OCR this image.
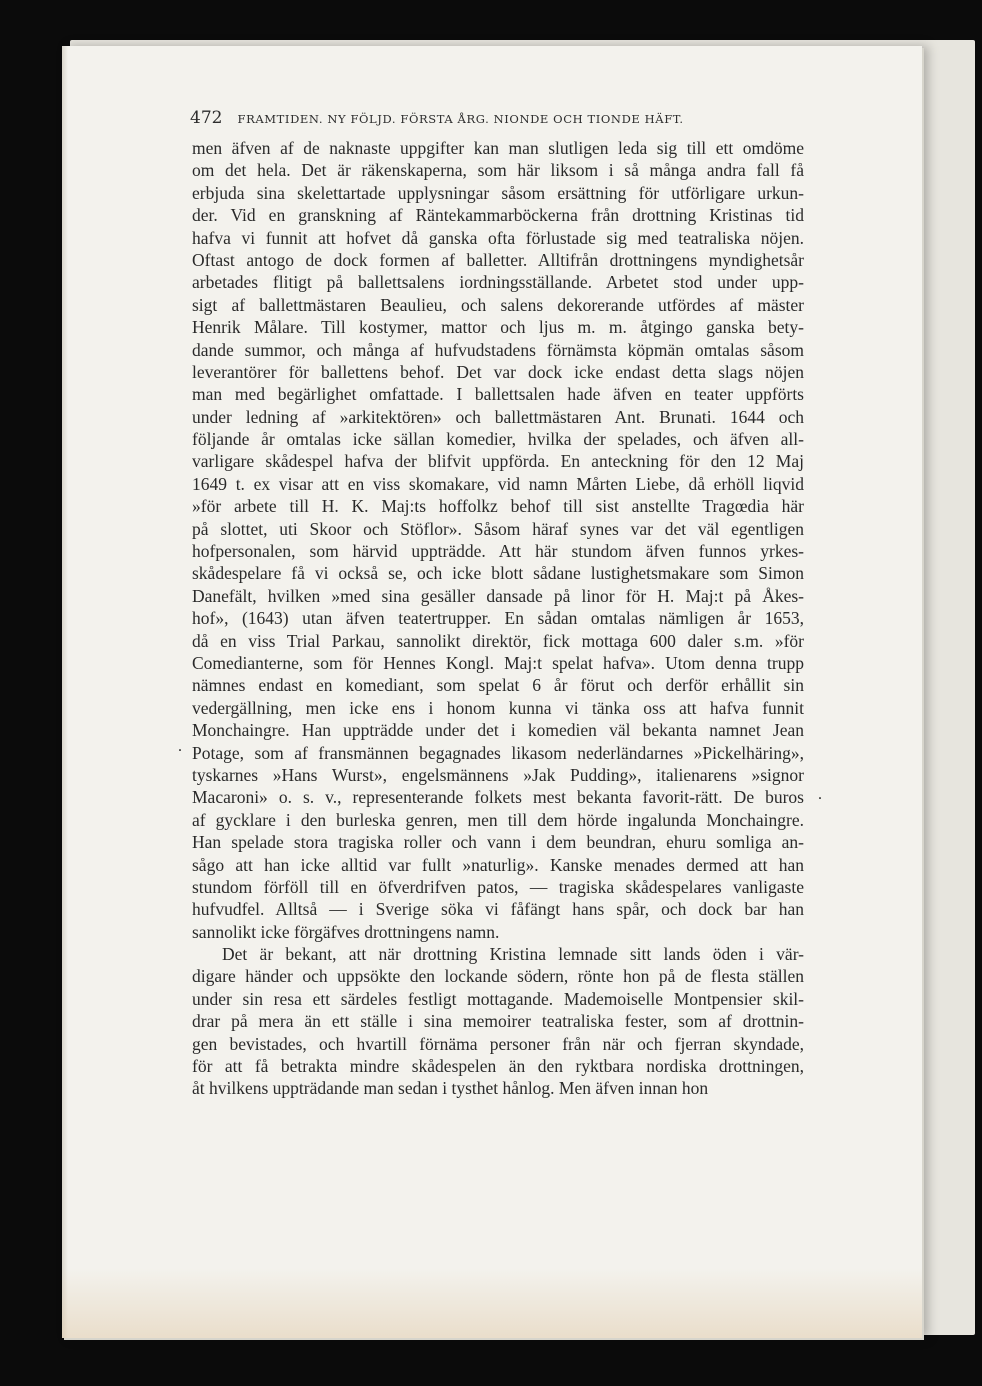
472 FRAMTIDEN. NY FÖLJD. FÖRSTA ÅRG. NIONDE OCH TIONDE HÄFT.
men äfven af de naknaste uppgifter kan man slutligen leda sig till ett omdöme
om det hela. Det är räkenskaperna, som här liksom i så många andra fall få
erbjuda sina skelettartade upplysningar såsom ersättning för utförligare urkun-
der. Vid en granskning af Räntekammarböckerna från drottning Kristinas tid
hafva vi funnit att hofvet då ganska ofta förlustade sig med teatraliska nöjen.
Oftast antogo de dock formen af balletter. Alltifrån drottningens myndighetsår
arbetades flitigt på ballettsalens iordningsställande. Arbetet stod under upp-
sigt af ballettmästaren Beaulieu, och salens dekorerande utfördes af mäster
Henrik Målare. Till kostymer, mattor och ljus m. m. åtgingo ganska bety-
dande summor, och många af hufvudstadens förnämsta köpmän omtalas såsom
leverantörer för ballettens behof. Det var dock icke endast detta slags nöjen
man med begärlighet omfattade. I ballettsalen hade äfven en teater uppförts
under ledning af »arkitektören» och ballettmästaren Ant. Brunati. 1644 och
följande år omtalas icke sällan komedier, hvilka der spelades, och äfven all-
varligare skådespel hafva der blifvit uppförda. En anteckning för den 12 Maj
1649 t. ex visar att en viss skomakare, vid namn Mårten Liebe, då erhöll liqvid
»för arbete till H. K. Maj:ts hoffolkz behof till sist anstellte Tragœdia här
på slottet, uti Skoor och Stöflor». Såsom häraf synes var det väl egentligen
hofpersonalen, som härvid uppträdde. Att här stundom äfven funnos yrkes-
skådespelare få vi också se, och icke blott sådane lustighetsmakare som Simon
Danefält, hvilken »med sina gesäller dansade på linor för H. Maj:t på Åkes-
hof», (1643) utan äfven teatertrupper. En sådan omtalas nämligen år 1653,
då en viss Trial Parkau, sannolikt direktör, fick mottaga 600 daler s.m. »för
Comedianterne, som för Hennes Kongl. Maj:t spelat hafva». Utom denna trupp
nämnes endast en komediant, som spelat 6 år förut och derför erhållit sin
vedergällning, men icke ens i honom kunna vi tänka oss att hafva funnit
Monchaingre. Han uppträdde under det i komedien väl bekanta namnet Jean
Potage, som af fransmännen begagnades likasom nederländarnes »Pickelhäring»,
tyskarnes »Hans Wurst», engelsmännens »Jak Pudding», italienarens »signor
Macaroni» o. s. v., representerande folkets mest bekanta favorit-rätt. De buros
af gycklare i den burleska genren, men till dem hörde ingalunda Monchaingre.
Han spelade stora tragiska roller och vann i dem beundran, ehuru somliga an-
sågo att han icke alltid var fullt »naturlig». Kanske menades dermed att han
stundom förföll till en öfverdrifven patos, — tragiska skådespelares vanligaste
hufvudfel. Alltså — i Sverige söka vi fåfängt hans spår, och dock bar han
sannolikt icke förgäfves drottningens namn.
Det är bekant, att när drottning Kristina lemnade sitt lands öden i vär-
digare händer och uppsökte den lockande södern, rönte hon på de flesta ställen
under sin resa ett särdeles festligt mottagande. Mademoiselle Montpensier skil-
drar på mera än ett ställe i sina memoirer teatraliska fester, som af drottnin-
gen bevistades, och hvartill förnäma personer från när och fjerran skyndade,
för att få betrakta mindre skådespelen än den ryktbara nordiska drottningen,
åt hvilkens uppträdande man sedan i tysthet hånlog. Men äfven innan hon
.
.
